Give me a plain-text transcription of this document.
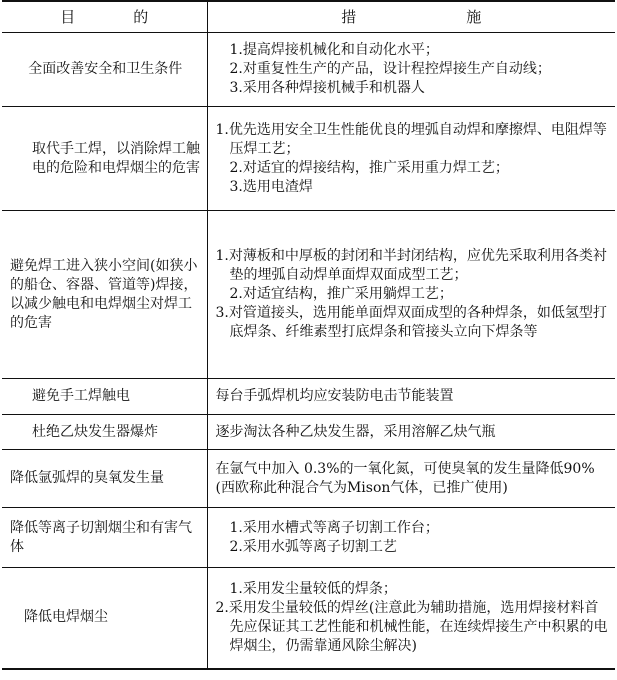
目 的	措 施

全面改善安全和卫生条件	1.提高焊接机械化和自动化水平；
2.对重复性生产的产品，设计程控焊接生产自动线；
3.采用各种焊接机械手和机器人

取代手工焊，以消除焊工触电的危险和电焊烟尘的危害	1.优先选用安全卫生性能优良的埋弧自动焊和摩擦焊、电阻焊等压焊工艺；
2.对适宜的焊接结构，推广采用重力焊工艺；
3.选用电渣焊

避免焊工进入狭小空间(如狭小的船仓、容器、管道等)焊接，以减少触电和电焊烟尘对焊工的危害	1.对薄板和中厚板的封闭和半封闭结构，应优先采取利用各类衬垫的埋弧自动焊单面焊双面成型工艺；
2.对适宜结构，推广采用躺焊工艺；
3.对管道接头，选用能单面焊双面成型的各种焊条，如低氢型打底焊条、纤维素型打底焊条和管接头立向下焊条等

避免手工焊触电	每台手弧焊机均应安装防电击节能装置

杜绝乙炔发生器爆炸	逐步淘汰各种乙炔发生器，采用溶解乙炔气瓶

降低氩弧焊的臭氧发生量	在氩气中加入 0.3%的一氧化氮，可使臭氧的发生量降低90%(西欧称此种混合气为Mison气体，已推广使用)

降低等离子切割烟尘和有害气体	1.采用水槽式等离子切割工作台；
2.采用水弧等离子切割工艺

降低电焊烟尘	1.采用发尘量较低的焊条；
2.采用发尘量较低的焊丝(注意此为辅助措施，选用焊接材料首先应保证其工艺性能和机械性能，在连续焊接生产中积累的电焊烟尘，仍需靠通风除尘解决)
